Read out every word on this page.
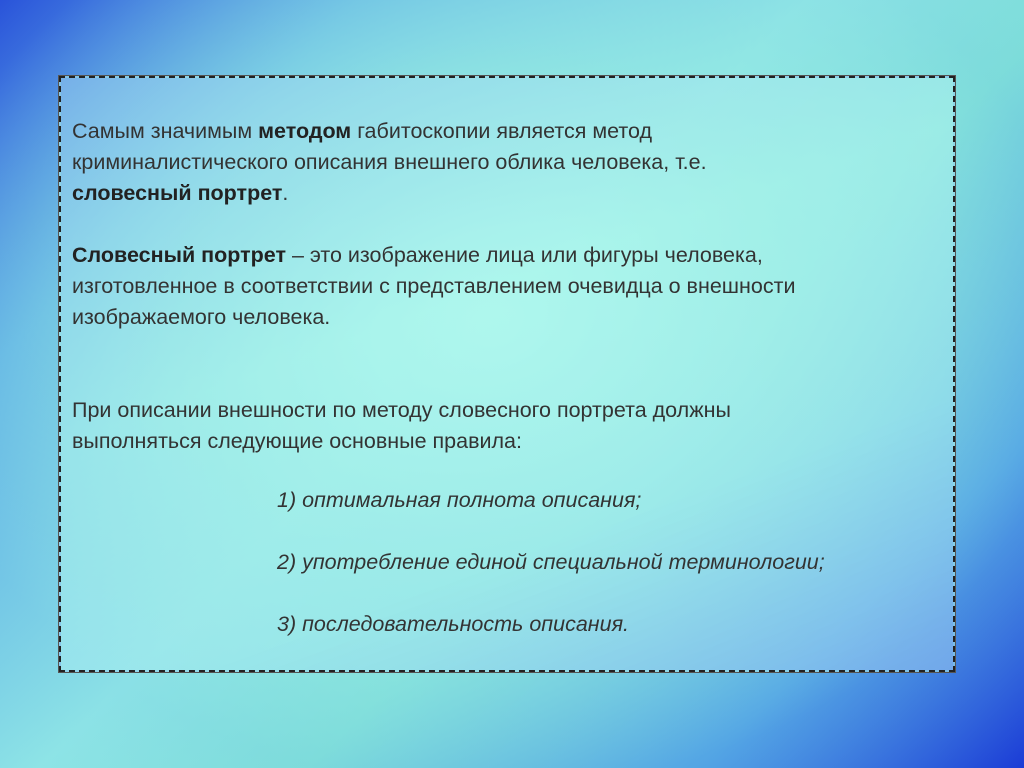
Самым значимым методом габитоскопии является метод
криминалистического описания внешнего облика человека, т.е.
словесный портрет.

Словесный портрет – это изображение лица или фигуры человека,
изготовленное в соответствии с представлением очевидца о внешности
изображаемого человека.

При описании внешности по методу словесного портрета должны
выполняться следующие основные правила:

1) оптимальная полнота описания;

2) употребление единой специальной терминологии;

3) последовательность описания.
